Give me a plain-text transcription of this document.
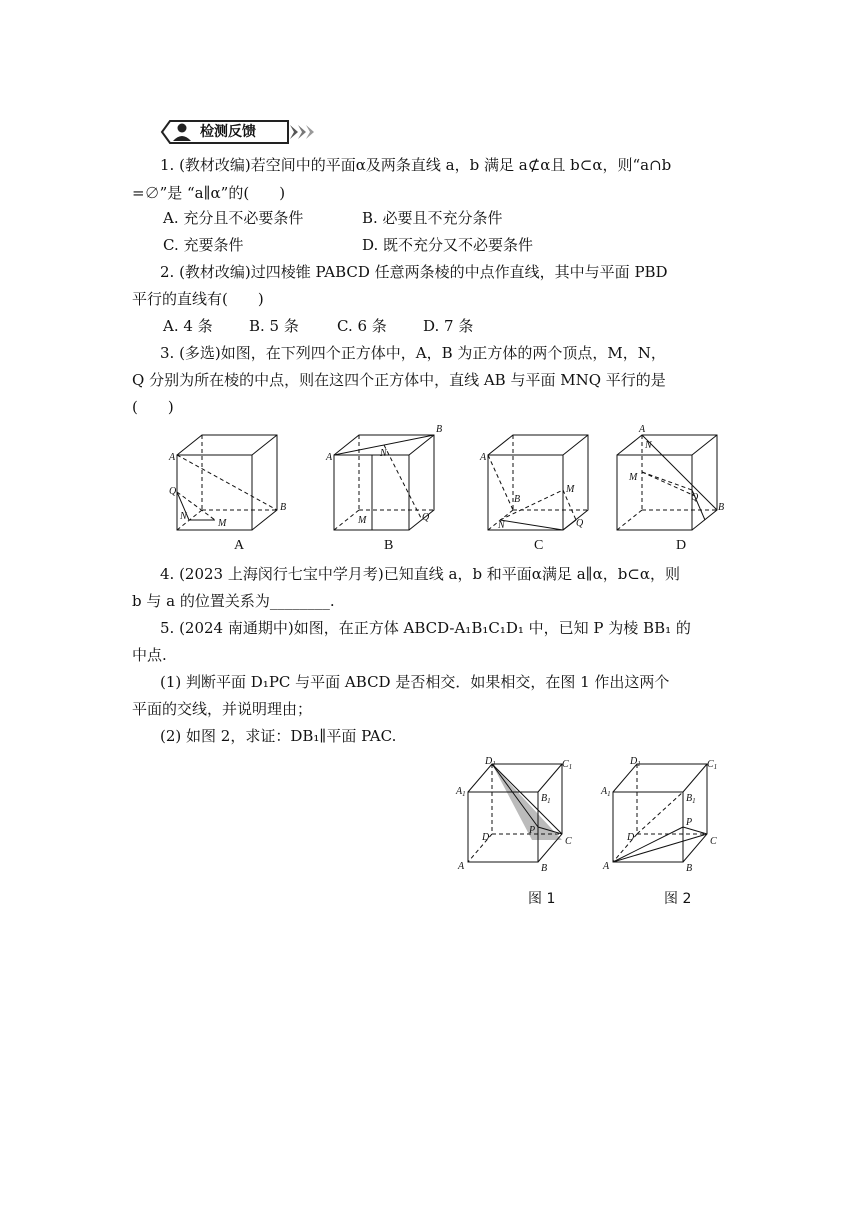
检测反馈

1. (教材改编)若空间中的平面α及两条直线 a，b 满足 a⊄α且 b⊂α，则“a∩b

=∅”是 “a∥α”的(　　)

A. 充分且不必要条件	B. 必要且不充分条件
C. 充要条件	D. 既不充分又不必要条件

2. (教材改编)过四棱锥 PABCD 任意两条棱的中点作直线，其中与平面 PBD

平行的直线有(　　)

A. 4 条 B. 5 条	C. 6 条 D. 7 条

3. (多选)如图，在下列四个正方体中，A，B 为正方体的两个顶点，M，N，

Q 分别为所在棱的中点，则在这四个正方体中，直线 AB 与平面 MNQ 平行的是

(　　)

A
B
Q
N
M
A
A
B
N
M	Q
B
A
B
M
N	Q
C
A
B
N
M
Q
D

4. (2023 上海闵行七宝中学月考)已知直线 a，b 和平面α满足 a∥α，b⊂α，则

b 与 a 的位置关系为________.

5. (2024 南通期中)如图，在正方体 ABCD-A₁B₁C₁D₁ 中，已知 P 为棱 BB₁ 的

中点.

(1) 判断平面 D₁PC 与平面 ABCD 是否相交．如果相交，在图 1 作出这两个

平面的交线，并说明理由；

(2) 如图 2，求证：DB₁∥平面 PAC.

$D_1$	$C_1$
$A_1$	$B_1$
D
P
C
A	B
图 1
$D_1$	$C_1$
$A_1$	$B_1$
D
P
C
A	B
图 2
